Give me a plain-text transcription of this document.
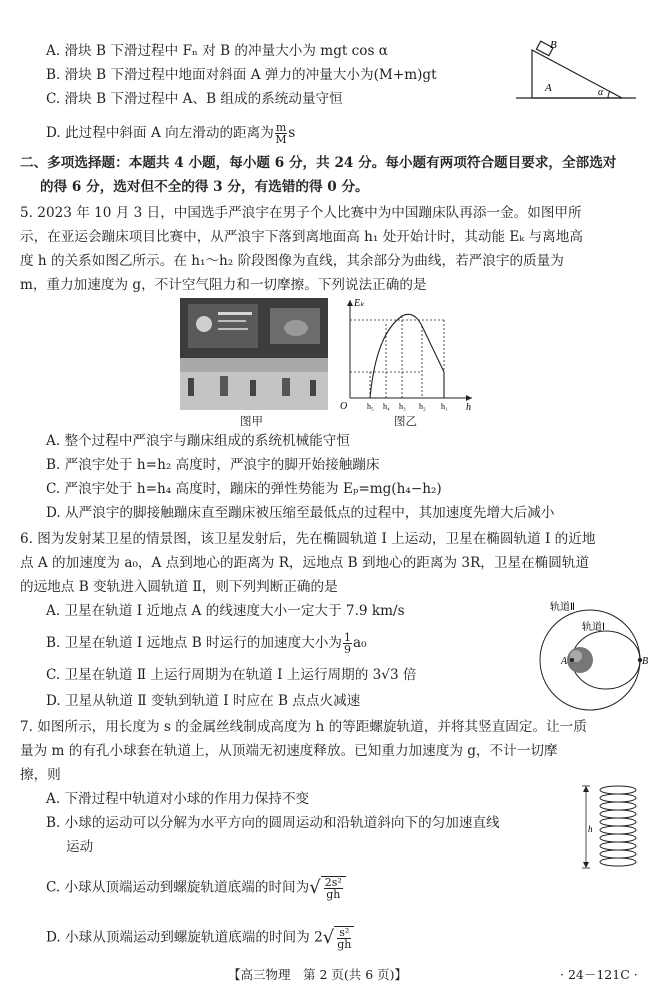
A. 滑块 B 下滑过程中 Fₙ 对 B 的冲量大小为 mgt cos α
B. 滑块 B 下滑过程中地面对斜面 A 弹力的冲量大小为(M+m)gt
C. 滑块 B 下滑过程中 A、B 组成的系统动量守恒
D. 此过程中斜面 A 向左滑动的距离为 $\frac{m}{M}$ s
B
A	α
二、多项选择题：本题共 4 小题，每小题 6 分，共 24 分。每小题有两项符合题目要求，全部选对
的得 6 分，选对但不全的得 3 分，有选错的得 0 分。
5. 2023 年 10 月 3 日，中国选手严浪宇在男子个人比赛中为中国蹦床队再添一金。如图甲所
示，在亚运会蹦床项目比赛中，从严浪宇下落到离地面高 h₁ 处开始计时，其动能 Eₖ 与离地高
度 h 的关系如图乙所示。在 h₁～h₂ 阶段图像为直线，其余部分为曲线，若严浪宇的质量为
m，重力加速度为 g，不计空气阻力和一切摩擦。下列说法正确的是
图甲
Eₖ
h
O h₅ h₄ h₃ h₂ h₁
图乙
A. 整个过程中严浪宇与蹦床组成的系统机械能守恒
B. 严浪宇处于 h=h₂ 高度时，严浪宇的脚开始接触蹦床
C. 严浪宇处于 h=h₄ 高度时，蹦床的弹性势能为 Eₚ=mg(h₄−h₂)
D. 从严浪宇的脚接触蹦床直至蹦床被压缩至最低点的过程中，其加速度先增大后减小
6. 图为发射某卫星的情景图，该卫星发射后，先在椭圆轨道 Ⅰ 上运动，卫星在椭圆轨道 Ⅰ 的近地
点 A 的加速度为 a₀，A 点到地心的距离为 R，远地点 B 到地心的距离为 3R，卫星在椭圆轨道
的远地点 B 变轨进入圆轨道 Ⅱ，则下列判断正确的是
A. 卫星在轨道 Ⅰ 近地点 A 的线速度大小一定大于 7.9 km/s
B. 卫星在轨道 Ⅰ 远地点 B 时运行的加速度大小为 $\frac{1}{9} a_0$
C. 卫星在轨道 Ⅱ 上运行周期为在轨道 Ⅰ 上运行周期的 3√3 倍
D. 卫星从轨道 Ⅱ 变轨到轨道 Ⅰ 时应在 B 点点火减速
轨道Ⅱ
轨道Ⅰ
A	B
7. 如图所示，用长度为 s 的金属丝线制成高度为 h 的等距螺旋轨道，并将其竖直固定。让一质
量为 m 的有孔小球套在轨道上，从顶端无初速度释放。已知重力加速度为 g，不计一切摩
擦，则
A. 下滑过程中轨道对小球的作用力保持不变
B. 小球的运动可以分解为水平方向的圆周运动和沿轨道斜向下的匀加速直线
运动
C. 小球从顶端运动到螺旋轨道底端的时间为√ $\frac{\text{2s²}}{gh}$
D. 小球从顶端运动到螺旋轨道底端的时间为 $2√ \frac{\text{s²}}{gh}$
h
【高三物理　第 2 页(共 6 页)】	· 24－121C ·
